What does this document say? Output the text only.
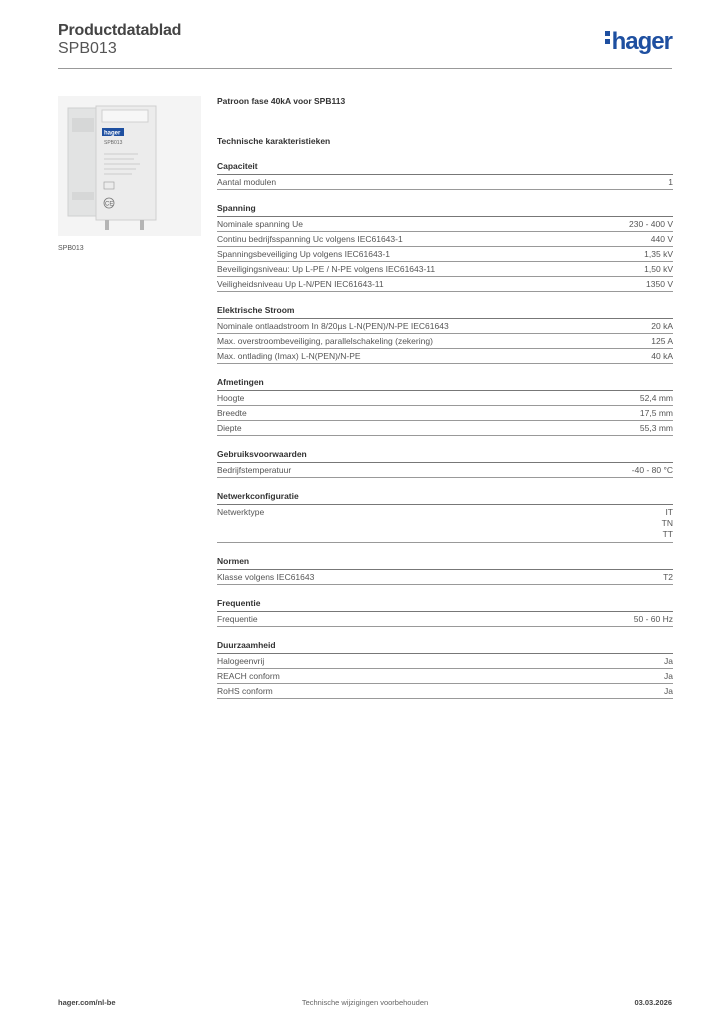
Productdatablad
SPB013	hager
hager
SPB013
CE
SPB013
Patroon fase 40kA voor SPB113
Technische karakteristieken
Capaciteit
Aantal modulen	1
Spanning
Nominale spanning Ue	230 - 400 V
Continu bedrijfsspanning Uc volgens IEC61643-1	440 V
Spanningsbeveiliging Up volgens IEC61643-1	1,35 kV
Beveiligingsniveau: Up L-PE / N-PE volgens IEC61643-11	1,50 kV
Veiligheidsniveau Up L-N/PEN IEC61643-11	1350 V
Elektrische Stroom
Nominale ontlaadstroom In 8/20µs L-N(PEN)/N-PE IEC61643	20 kA
Max. overstroombeveiliging, parallelschakeling (zekering)	125 A
Max. ontlading (Imax) L-N(PEN)/N-PE	40 kA
Afmetingen
Hoogte	52,4 mm
Breedte	17,5 mm
Diepte	55,3 mm
Gebruiksvoorwaarden
Bedrijfstemperatuur	-40 - 80 °C
Netwerkconfiguratie
Netwerktype	IT
TN
TT
Normen
Klasse volgens IEC61643	T2
Frequentie
Frequentie	50 - 60 Hz
Duurzaamheid
Halogeenvrij	Ja
REACH conform	Ja
RoHS conform	Ja
hager.com/nl-be	Technische wijzigingen voorbehouden	03.03.2026
